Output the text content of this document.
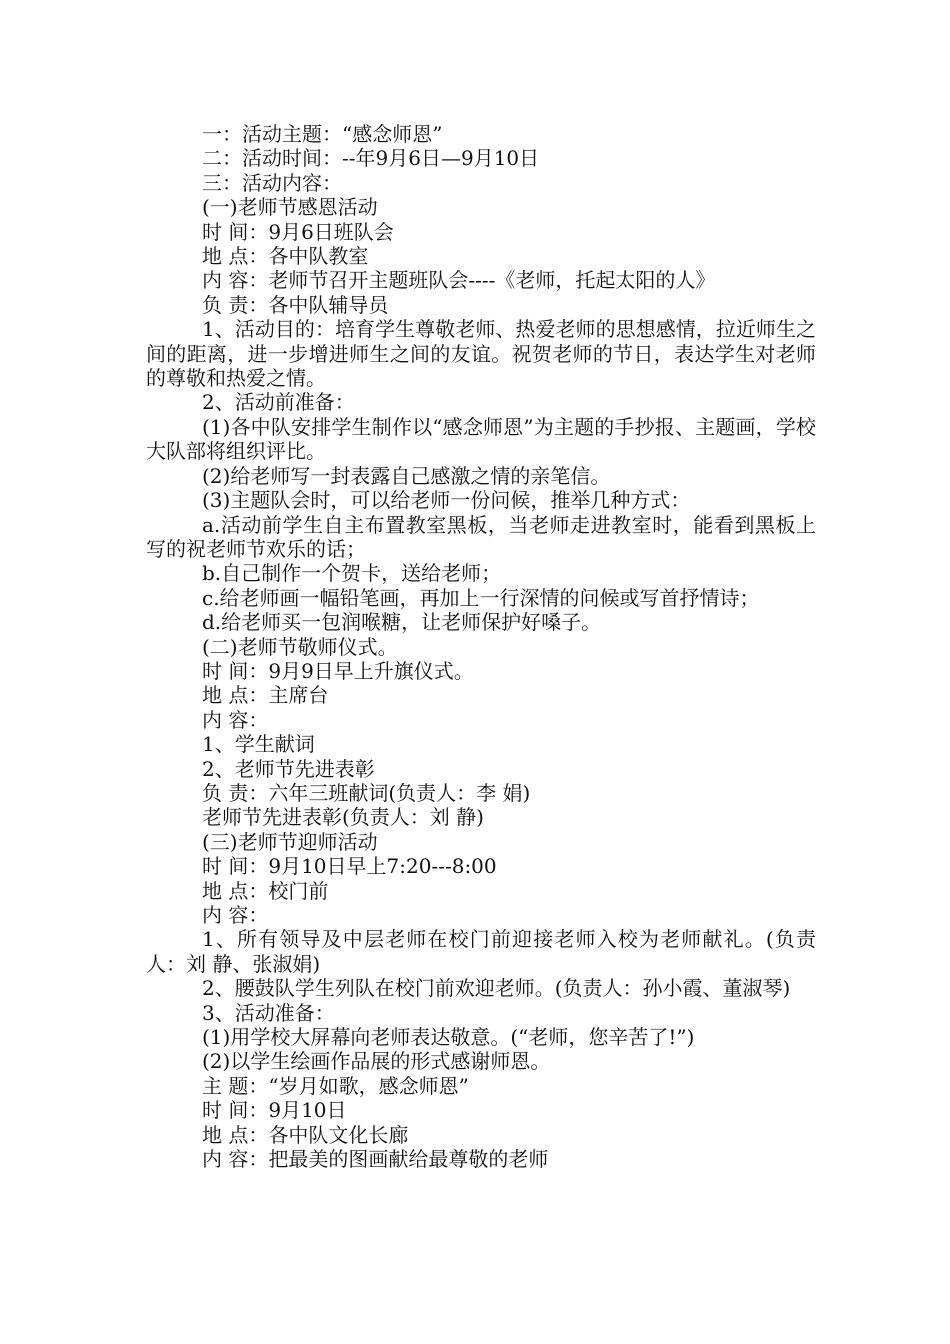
一：活动主题：“感念师恩”

二：活动时间：--年9月6日—9月10日

三：活动内容：

(一)老师节感恩活动

时 间：9月6日班队会

地 点：各中队教室

内 容：老师节召开主题班队会----《老师，托起太阳的人》

负 责：各中队辅导员

1、活动目的：培育学生尊敬老师、热爱老师的思想感情，拉近师生之间的距离，进一步增进师生之间的友谊。祝贺老师的节日，表达学生对老师的尊敬和热爱之情。

2、活动前准备：

(1)各中队安排学生制作以“感念师恩”为主题的手抄报、主题画，学校大队部将组织评比。

(2)给老师写一封表露自己感激之情的亲笔信。

(3)主题队会时，可以给老师一份问候，推举几种方式：

a.活动前学生自主布置教室黑板，当老师走进教室时，能看到黑板上写的祝老师节欢乐的话；

b.自己制作一个贺卡，送给老师；

c.给老师画一幅铅笔画，再加上一行深情的问候或写首抒情诗；

d.给老师买一包润喉糖，让老师保护好嗓子。

(二)老师节敬师仪式。

时 间：9月9日早上升旗仪式。

地 点：主席台

内 容：

1、学生献词

2、老师节先进表彰

负 责：六年三班献词(负责人：李 娟)

老师节先进表彰(负责人：刘 静)

(三)老师节迎师活动

时 间：9月10日早上7:20---8:00

地 点：校门前

内 容：

1、所有领导及中层老师在校门前迎接老师入校为老师献礼。(负责人：刘 静、张淑娟)

2、腰鼓队学生列队在校门前欢迎老师。(负责人：孙小霞、董淑琴)

3、活动准备：

(1)用学校大屏幕向老师表达敬意。(“老师，您辛苦了!”)

(2)以学生绘画作品展的形式感谢师恩。

主 题：“岁月如歌，感念师恩”

时 间：9月10日

地 点：各中队文化长廊

内 容：把最美的图画献给最尊敬的老师
